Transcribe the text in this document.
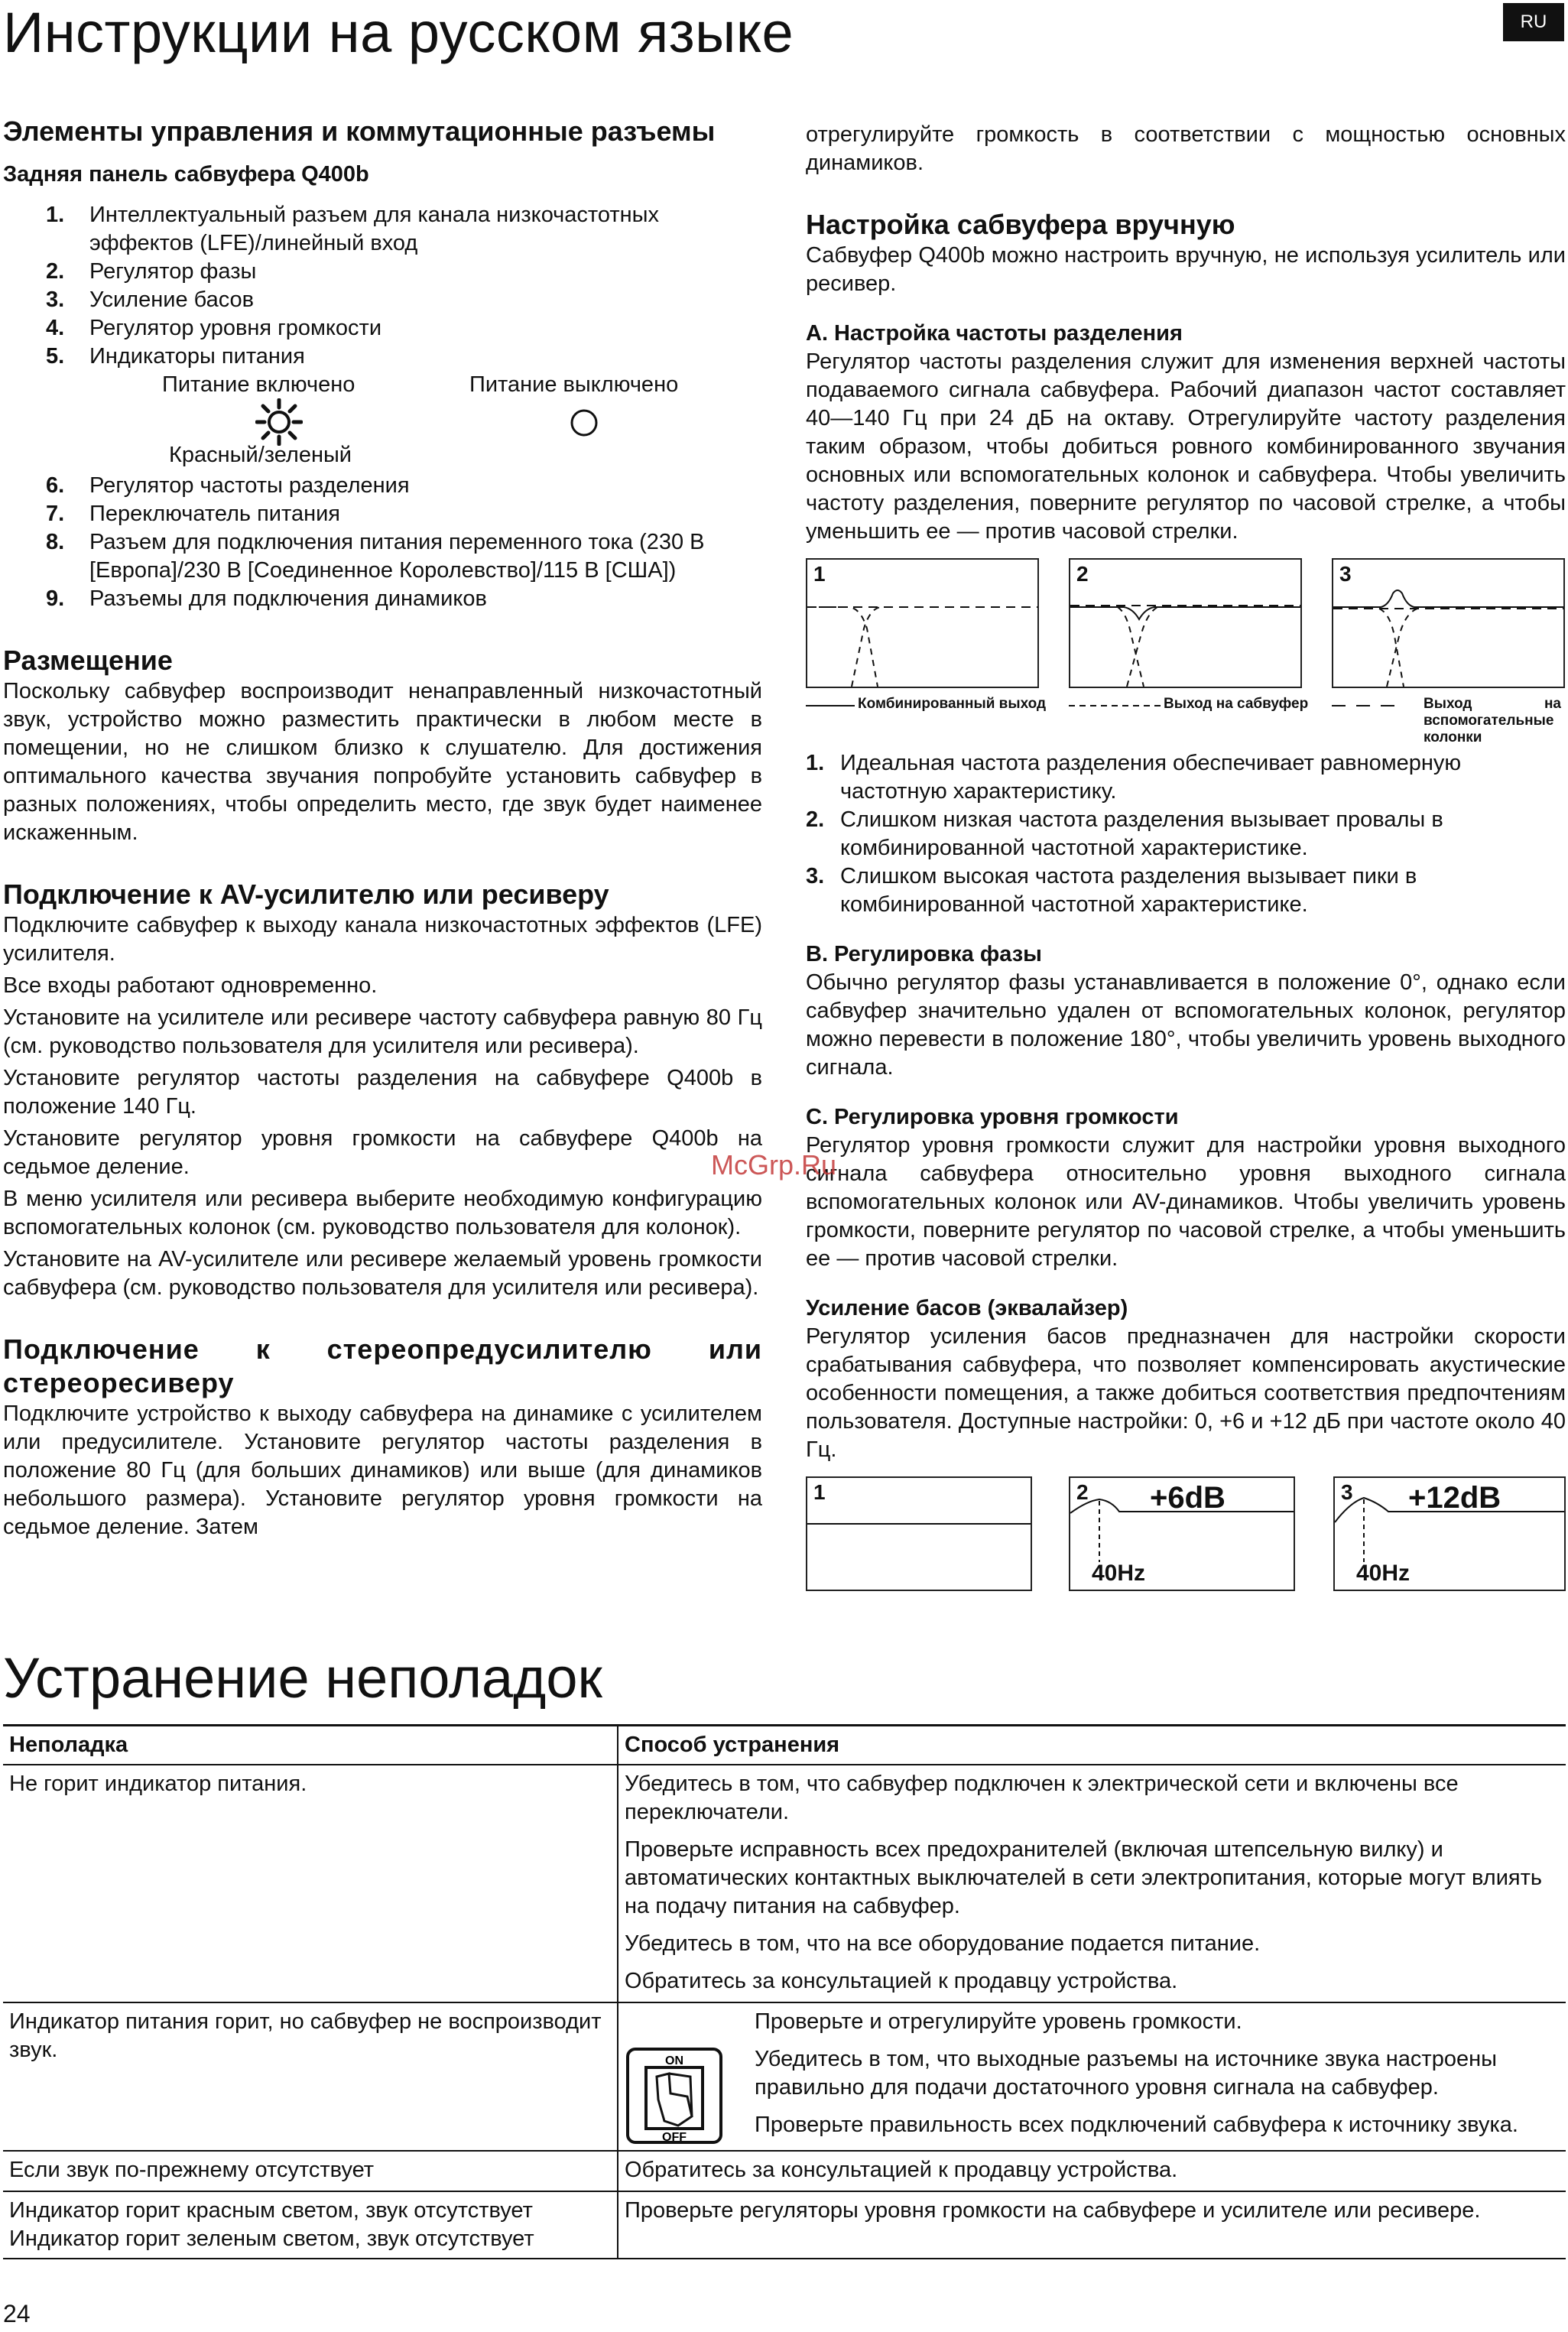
Инструкции на русском языке	RU
Элементы управления и коммутационные разъемы
Задняя панель сабвуфера Q400b
1. Интеллектуальный разъем для канала низкочастотных эффектов (LFE)/линейный вход
2. Регулятор фазы
3. Усиление басов
4. Регулятор уровня громкости
5. Индикаторы питания
Питание включено	Питание выключено
Красный/зеленый
6. Регулятор частоты разделения
7. Переключатель питания
8. Разъем для подключения питания переменного тока (230 В [Европа]/230 В [Соединенное Королевство]/115 В [США])
9. Разъемы для подключения динамиков
Размещение

Поскольку сабвуфер воспроизводит ненаправленный низкочастотный звук, устройство можно разместить практически в любом месте в помещении, но не слишком близко к слушателю. Для достижения оптимального качества звучания попробуйте установить сабвуфер в разных положениях, чтобы определить место, где звук будет наименее искаженным.

Подключение к AV-усилителю или ресиверу

Подключите сабвуфер к выходу канала низкочастотных эффектов (LFE) усилителя.

Все входы работают одновременно.

Установите на усилителе или ресивере частоту сабвуфера равную 80 Гц (см. руководство пользователя для усилителя или ресивера).

Установите регулятор частоты разделения на сабвуфере Q400b в положение 140 Гц.

Установите регулятор уровня громкости на сабвуфере Q400b на седьмое деление.

В меню усилителя или ресивера выберите необходимую конфигурацию вспомогательных колонок (см. руководство пользователя для колонок).

Установите на AV-усилителе или ресивере желаемый уровень громкости сабвуфера (см. руководство пользователя для усилителя или ресивера).

Подключение к стереопредусилителю или стереоресиверу

Подключите устройство к выходу сабвуфера на динамике с усилителем или предусилителе. Установите регулятор частоты разделения в положение 80 Гц (для больших динамиков) или выше (для динамиков небольшого размера). Установите регулятор уровня громкости на седьмое деление. Затем

отрегулируйте громкость в соответствии с мощностью основных динамиков.

Настройка сабвуфера вручную

Сабвуфер Q400b можно настроить вручную, не используя усилитель или ресивер.

A. Настройка частоты разделения

Регулятор частоты разделения служит для изменения верхней частоты подаваемого сигнала сабвуфера. Рабочий диапазон частот составляет 40—140 Гц при 24 дБ на октаву. Отрегулируйте частоту разделения таким образом, чтобы добиться ровного комбинированного звучания основных или вспомогательных колонок и сабвуфера. Чтобы увеличить частоту разделения, поверните регулятор по часовой стрелке, а чтобы уменьшить ее — против часовой стрелки.

1	2	3
Комбинированный выход	Выход на сабвуфер	Выход на вспомогательные колонки
1. Идеальная частота разделения обеспечивает равномерную частотную характеристику.
2. Слишком низкая частота разделения вызывает провалы в комбинированной частотной характеристике.
3. Слишком высокая частота разделения вызывает пики в комбинированной частотной характеристике.
B. Регулировка фазы

Обычно регулятор фазы устанавливается в положение 0°, однако если сабвуфер значительно удален от вспомогательных колонок, регулятор можно перевести в положение 180°, чтобы увеличить уровень выходного сигнала.

C. Регулировка уровня громкости

Регулятор уровня громкости служит для настройки уровня выходного сигнала сабвуфера относительно уровня выходного сигнала вспомогательных колонок или AV-динамиков. Чтобы увеличить уровень громкости, поверните регулятор по часовой стрелке, а чтобы уменьшить ее — против часовой стрелки.

Усиление басов (эквалайзер)

Регулятор усиления басов предназначен для настройки скорости срабатывания сабвуфера, что позволяет компенсировать акустические особенности помещения, а также добиться соответствия предпочтениям пользователя. Доступные настройки: 0, +6 и +12 дБ при частоте около 40 Гц.

1	2 +6dB
40Hz
3 +12dB
40Hz
McGrp.Ru
Устранение неполадок
Неполадка	Способ устранения
Не горит индикатор питания.	Убедитесь в том, что сабвуфер подключен к электрической сети и включены все переключатели.

Проверьте исправность всех предохранителей (включая штепсельную вилку) и автоматических контактных выключателей в сети электропитания, которые могут влиять на подачу питания на сабвуфер.

Убедитесь в том, что на все оборудование подается питание.

Обратитесь за консультацией к продавцу устройства.

Индикатор питания горит, но сабвуфер не воспроизводит звук.	ON
OFF

Проверьте и отрегулируйте уровень громкости.

Убедитесь в том, что выходные разъемы на источнике звука настроены правильно для подачи достаточного уровня сигнала на сабвуфер.

Проверьте правильность всех подключений сабвуфера к источнику звука.

Если звук по-прежнему отсутствует	Обратитесь за консультацией к продавцу устройства.

Индикатор горит красным светом, звук отсутствует
Индикатор горит зеленым светом, звук отсутствует	Проверьте регуляторы уровня громкости на сабвуфере и усилителе или ресивере.

24
